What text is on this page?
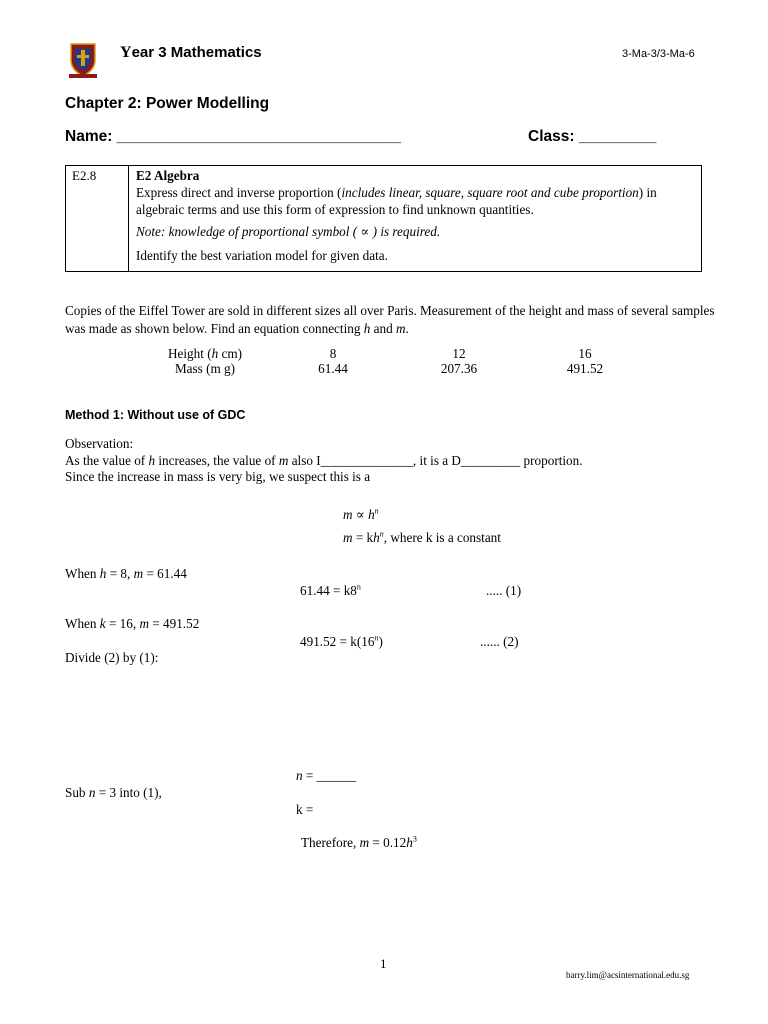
Year 3 Mathematics	3-Ma-3/3-Ma-6
Chapter 2: Power Modelling
Name: _________________________________	Class: _________
E2.8	E2 Algebra

Express direct and inverse proportion (includes linear, square, square root and cube proportion) in algebraic terms and use this form of expression to find unknown quantities.

Note: knowledge of proportional symbol ( ∝ ) is required.

Identify the best variation model for given data.

Copies of the Eiffel Tower are sold in different sizes all over Paris. Measurement of the height and mass of several samples was made as shown below. Find an equation connecting h and m.
Height (h cm)	8	12	16
Mass (m g)	61.44	207.36	491.52
Method 1: Without use of GDC

Observation:

As the value of h increases, the value of m also I______________, it is a D_________ proportion.

Since the increase in mass is very big, we suspect this is a

$m \propto h^n$
$m = kh^n$, where k is a constant
When h = 8, m = 61.44
$61.44 = k8^n$	..... (1)
When k = 16, m = 491.52
$491.52 = k(16^n)$	...... (2)
Divide (2) by (1):
n = ______
Sub n = 3 into (1),
k =
Therefore, $m = 0.12h^3$
1
barry.lim@acsinternational.edu.sg
